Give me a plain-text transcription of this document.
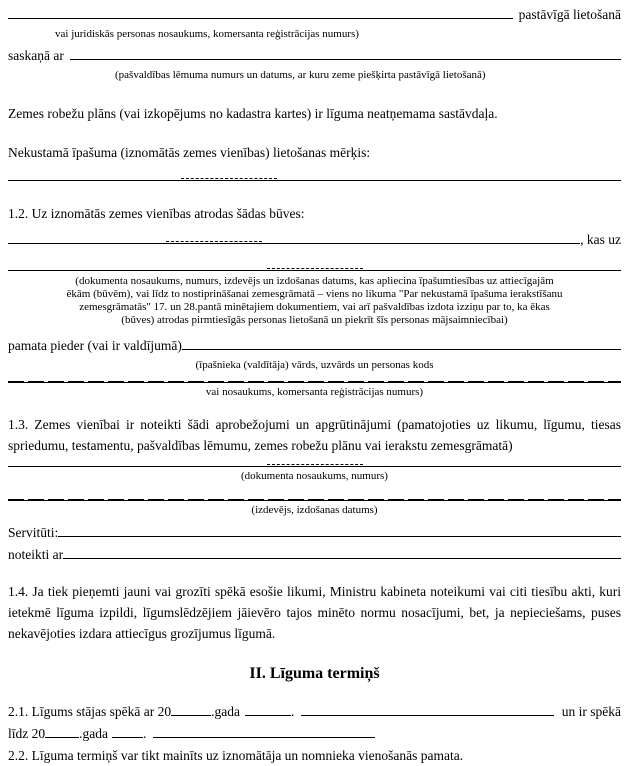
pastāvīgā lietošanā
vai juridiskās personas nosaukums, komersanta reģistrācijas numurs)
saskaņā ar
(pašvaldības lēmuma numurs un datums, ar kuru zeme piešķirta pastāvīgā lietošanā)

Zemes robežu plāns (vai izkopējums no kadastra kartes) ir līguma neatņemama sastāvdaļa.

Nekustamā īpašuma (iznomātās zemes vienības) lietošanas mērķis:

1.2. Uz iznomātās zemes vienības atrodas šādas būves:

, kas uz
(dokumenta nosaukums, numurs, izdevējs un izdošanas datums, kas apliecina īpašumtiesības uz attiecīgajām
ēkām (būvēm), vai līdz to nostiprināšanai zemesgrāmatā – viens no likuma "Par nekustamā īpašuma ierakstīšanu
zemesgrāmatās" 17. un 28.pantā minētajiem dokumentiem, vai arī pašvaldības izdota izziņu par to, ka ēkas
(būves) atrodas pirmtiesīgās personas lietošanā un piekrīt šīs personas mājsaimniecībai)
pamata pieder (vai ir valdījumā)
(īpašnieka (valdītāja) vārds, uzvārds un personas kods
vai nosaukums, komersanta reģistrācijas numurs)

1.3. Zemes vienībai ir noteikti šādi aprobežojumi un apgrūtinājumi (pamatojoties uz likumu, līgumu, tiesas spriedumu, testamentu, pašvaldības lēmumu, zemes robežu plānu vai ierakstu zemesgrāmatā)

(dokumenta nosaukums, numurs)
(izdevējs, izdošanas datums)
Servitūti:
noteikti ar

1.4. Ja tiek pieņemti jauni vai grozīti spēkā esošie likumi, Ministru kabineta noteikumi vai citi tiesību akti, kuri ietekmē līguma izpildi, līgumslēdzējiem jāievēro tajos minēto normu nosacījumi, bet, ja nepieciešams, puses nekavējoties izdara attiecīgus grozījumus līgumā.

II. Līguma termiņš
2.1. Līgums stājas spēkā ar 20	.gada	.	un ir spēkā
līdz 20	.gada	.

2.2. Līguma termiņš var tikt mainīts uz iznomātāja un nomnieka vienošanās pamata.
